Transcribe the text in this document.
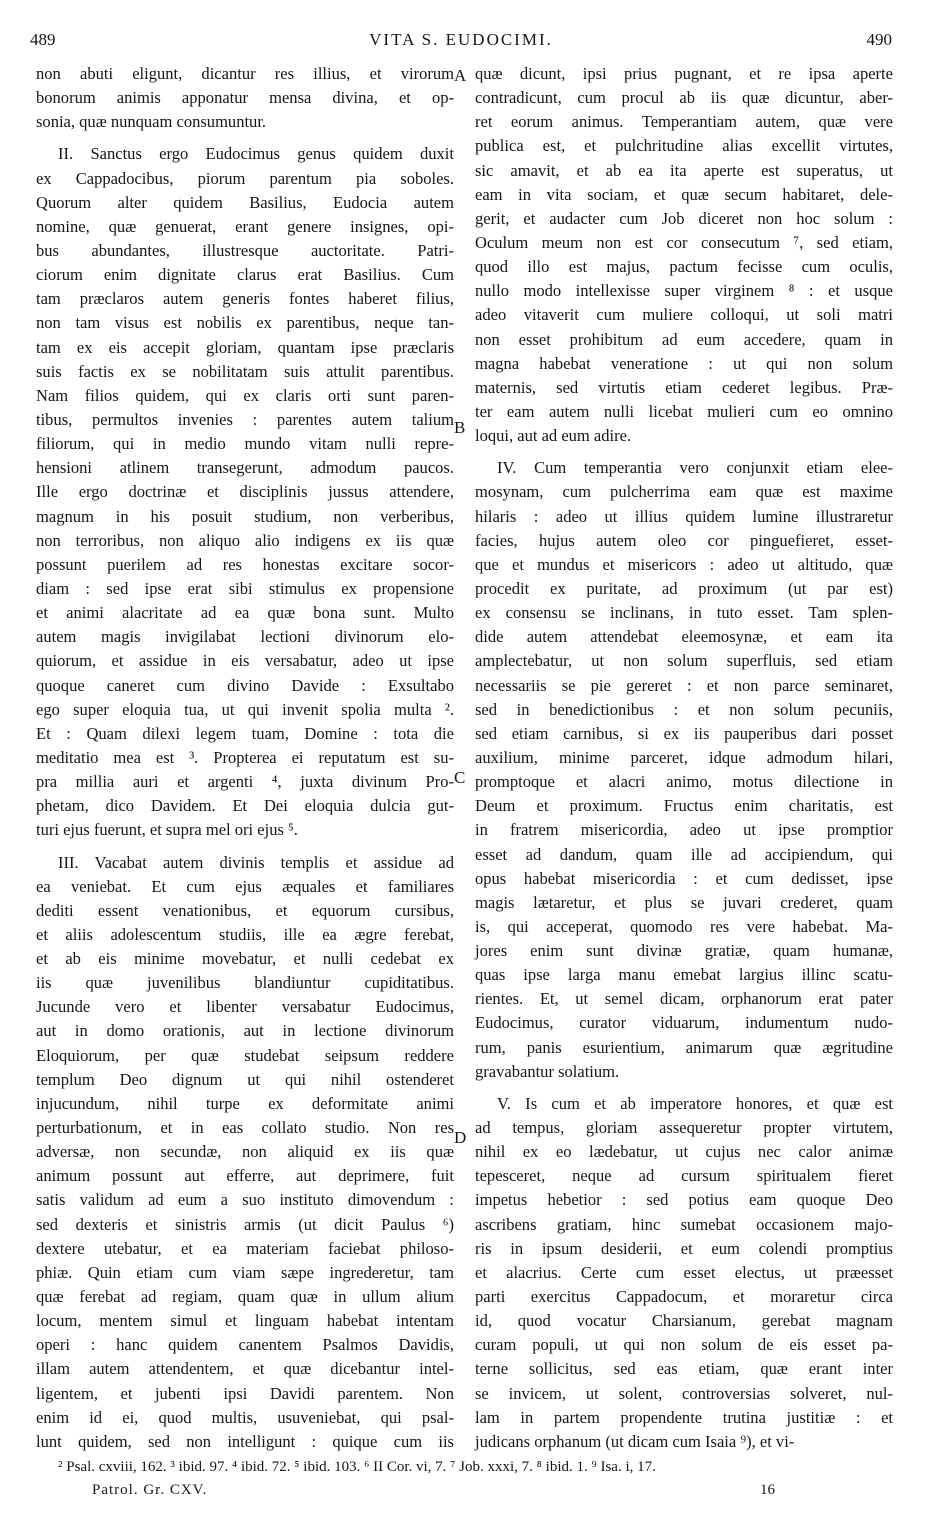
489	VITA S. EUDOCIMI.	490
non abuti eligunt, dicantur res illius, et virorum
bonorum animis apponatur mensa divina, et op-
sonia, quæ nunquam consumuntur.
II. Sanctus ergo Eudocimus genus quidem duxit
ex Cappadocibus, piorum parentum pia soboles.
Quorum alter quidem Basilius, Eudocia autem
nomine, quæ genuerat, erant genere insignes, opi-
bus abundantes, illustresque auctoritate. Patri-
ciorum enim dignitate clarus erat Basilius. Cum
tam præclaros autem generis fontes haberet filius,
non tam visus est nobilis ex parentibus, neque tan-
tam ex eis accepit gloriam, quantam ipse præclaris
suis factis ex se nobilitatam suis attulit parentibus.
Nam filios quidem, qui ex claris orti sunt paren-
tibus, permultos invenies : parentes autem talium
filiorum, qui in medio mundo vitam nulli repre-
hensioni atlinem transegerunt, admodum paucos.
Ille ergo doctrinæ et disciplinis jussus attendere,
magnum in his posuit studium, non verberibus,
non terroribus, non aliquo alio indigens ex iis quæ
possunt puerilem ad res honestas excitare socor-
diam : sed ipse erat sibi stimulus ex propensione
et animi alacritate ad ea quæ bona sunt. Multo
autem magis invigilabat lectioni divinorum elo-
quiorum, et assidue in eis versabatur, adeo ut ipse
quoque caneret cum divino Davide : Exsultabo
ego super eloquia tua, ut qui invenit spolia multa ².
Et : Quam dilexi legem tuam, Domine : tota die
meditatio mea est ³. Propterea ei reputatum est su-
pra millia auri et argenti ⁴, juxta divinum Pro-
phetam, dico Davidem. Et Dei eloquia dulcia gut-
turi ejus fuerunt, et supra mel ori ejus ⁵.
III. Vacabat autem divinis templis et assidue ad
ea veniebat. Et cum ejus æquales et familiares
dediti essent venationibus, et equorum cursibus,
et aliis adolescentum studiis, ille ea ægre ferebat,
et ab eis minime movebatur, et nulli cedebat ex
iis quæ juvenilibus blandiuntur cupiditatibus.
Jucunde vero et libenter versabatur Eudocimus,
aut in domo orationis, aut in lectione divinorum
Eloquiorum, per quæ studebat seipsum reddere
templum Deo dignum ut qui nihil ostenderet
injucundum, nihil turpe ex deformitate animi
perturbationum, et in eas collato studio. Non res
adversæ, non secundæ, non aliquid ex iis quæ
animum possunt aut efferre, aut deprimere, fuit
satis validum ad eum a suo instituto dimovendum :
sed dexteris et sinistris armis (ut dicit Paulus ⁶)
dextere utebatur, et ea materiam faciebat philoso-
phiæ. Quin etiam cum viam sæpe ingrederetur, tam
quæ ferebat ad regiam, quam quæ in ullum alium
locum, mentem simul et linguam habebat intentam
operi : hanc quidem canentem Psalmos Davidis,
illam autem attendentem, et quæ dicebantur intel-
ligentem, et jubenti ipsi Davidi parentem. Non
enim id ei, quod multis, usuveniebat, qui psal-
lunt quidem, sed non intelligunt : quique cum iis
quæ dicunt, ipsi prius pugnant, et re ipsa aperte
contradicunt, cum procul ab iis quæ dicuntur, aber-
ret eorum animus. Temperantiam autem, quæ vere
publica est, et pulchritudine alias excellit virtutes,
sic amavit, et ab ea ita aperte est superatus, ut
eam in vita sociam, et quæ secum habitaret, dele-
gerit, et audacter cum Job diceret non hoc solum :
Oculum meum non est cor consecutum ⁷, sed etiam,
quod illo est majus, pactum fecisse cum oculis,
nullo modo intellexisse super virginem ⁸ : et usque
adeo vitaverit cum muliere colloqui, ut soli matri
non esset prohibitum ad eum accedere, quam in
magna habebat veneratione : ut qui non solum
maternis, sed virtutis etiam cederet legibus. Præ-
ter eam autem nulli licebat mulieri cum eo omnino
loqui, aut ad eum adire.
IV. Cum temperantia vero conjunxit etiam elee-
mosynam, cum pulcherrima eam quæ est maxime
hilaris : adeo ut illius quidem lumine illustraretur
facies, hujus autem oleo cor pinguefieret, esset-
que et mundus et misericors : adeo ut altitudo, quæ
procedit ex puritate, ad proximum (ut par est)
ex consensu se inclinans, in tuto esset. Tam splen-
dide autem attendebat eleemosynæ, et eam ita
amplectebatur, ut non solum superfluis, sed etiam
necessariis se pie gereret : et non parce seminaret,
sed in benedictionibus : et non solum pecuniis,
sed etiam carnibus, si ex iis pauperibus dari posset
auxilium, minime parceret, idque admodum hilari,
promptoque et alacri animo, motus dilectione in
Deum et proximum. Fructus enim charitatis, est
in fratrem misericordia, adeo ut ipse promptior
esset ad dandum, quam ille ad accipiendum, qui
opus habebat misericordia : et cum dedisset, ipse
magis lætaretur, et plus se juvari crederet, quam
is, qui acceperat, quomodo res vere habebat. Ma-
jores enim sunt divinæ gratiæ, quam humanæ,
quas ipse larga manu emebat largius illinc scatu-
rientes. Et, ut semel dicam, orphanorum erat pater
Eudocimus, curator viduarum, indumentum nudo-
rum, panis esurientium, animarum quæ ægritudine
gravabantur solatium.
V. Is cum et ab imperatore honores, et quæ est
ad tempus, gloriam assequeretur propter virtutem,
nihil ex eo lædebatur, ut cujus nec calor animæ
tepesceret, neque ad cursum spiritualem fieret
impetus hebetior : sed potius eam quoque Deo
ascribens gratiam, hinc sumebat occasionem majo-
ris in ipsum desiderii, et eum colendi promptius
et alacrius. Certe cum esset electus, ut præesset
parti exercitus Cappadocum, et moraretur circa
id, quod vocatur Charsianum, gerebat magnam
curam populi, ut qui non solum de eis esset pa-
terne sollicitus, sed eas etiam, quæ erant inter
se invicem, ut solent, controversias solveret, nul-
lam in partem propendente trutina justitiæ : et
judicans orphanum (ut dicam cum Isaia ⁹), et vi-
A
B
C
D
² Psal. cxviii, 162. ³ ibid. 97. ⁴ ibid. 72. ⁵ ibid. 103. ⁶ II Cor. vi, 7. ⁷ Job. xxxi, 7. ⁸ ibid. 1. ⁹ Isa. i, 17.
Patrol. Gr. CXV.	16
